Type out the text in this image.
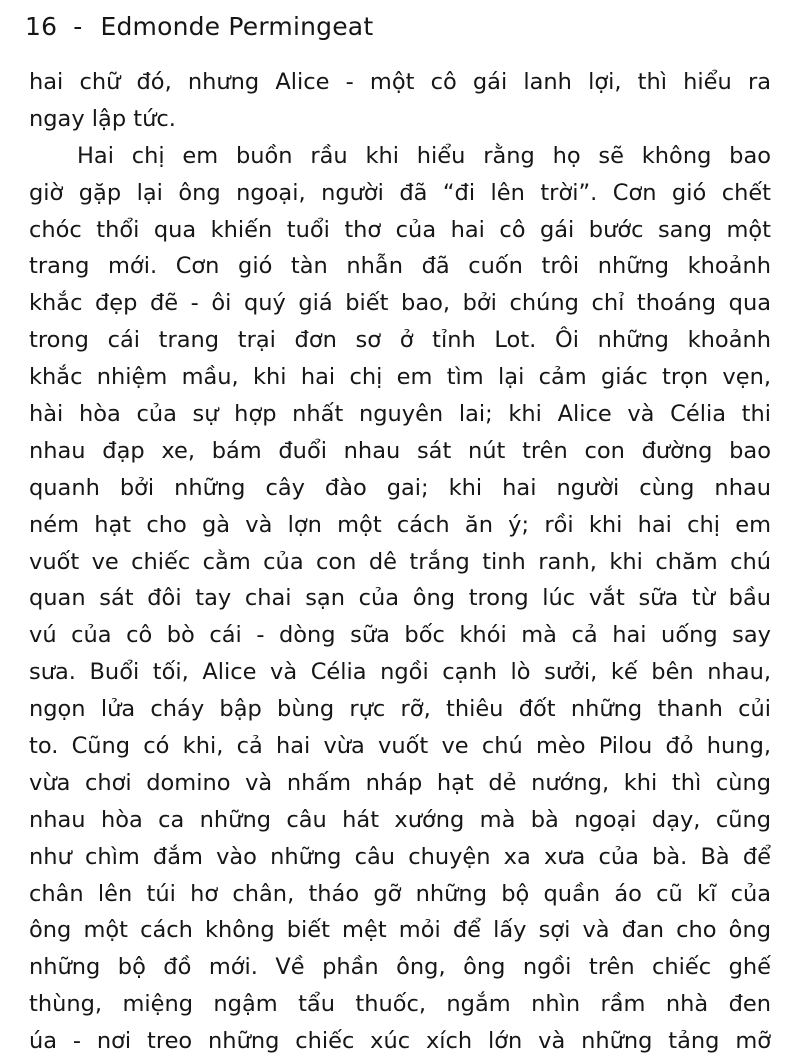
16 - Edmonde Permingeat
hai chữ đó, nhưng Alice - một cô gái lanh lợi, thì hiểu ra
ngay lập tức.
Hai chị em buồn rầu khi hiểu rằng họ sẽ không bao
giờ gặp lại ông ngoại, người đã “đi lên trời”. Cơn gió chết
chóc thổi qua khiến tuổi thơ của hai cô gái bước sang một
trang mới. Cơn gió tàn nhẫn đã cuốn trôi những khoảnh
khắc đẹp đẽ - ôi quý giá biết bao, bởi chúng chỉ thoáng qua
trong cái trang trại đơn sơ ở tỉnh Lot. Ôi những khoảnh
khắc nhiệm mầu, khi hai chị em tìm lại cảm giác trọn vẹn,
hài hòa của sự hợp nhất nguyên lai; khi Alice và Célia thi
nhau đạp xe, bám đuổi nhau sát nút trên con đường bao
quanh bởi những cây đào gai; khi hai người cùng nhau
ném hạt cho gà và lợn một cách ăn ý; rồi khi hai chị em
vuốt ve chiếc cằm của con dê trắng tinh ranh, khi chăm chú
quan sát đôi tay chai sạn của ông trong lúc vắt sữa từ bầu
vú của cô bò cái - dòng sữa bốc khói mà cả hai uống say
sưa. Buổi tối, Alice và Célia ngồi cạnh lò sưởi, kế bên nhau,
ngọn lửa cháy bập bùng rực rỡ, thiêu đốt những thanh củi
to. Cũng có khi, cả hai vừa vuốt ve chú mèo Pilou đỏ hung,
vừa chơi domino và nhấm nháp hạt dẻ nướng, khi thì cùng
nhau hòa ca những câu hát xướng mà bà ngoại dạy, cũng
như chìm đắm vào những câu chuyện xa xưa của bà. Bà để
chân lên túi hơ chân, tháo gỡ những bộ quần áo cũ kĩ của
ông một cách không biết mệt mỏi để lấy sợi và đan cho ông
những bộ đồ mới. Về phần ông, ông ngồi trên chiếc ghế
thùng, miệng ngậm tẩu thuốc, ngắm nhìn rầm nhà đen
úa - nơi treo những chiếc xúc xích lớn và những tảng mỡ
